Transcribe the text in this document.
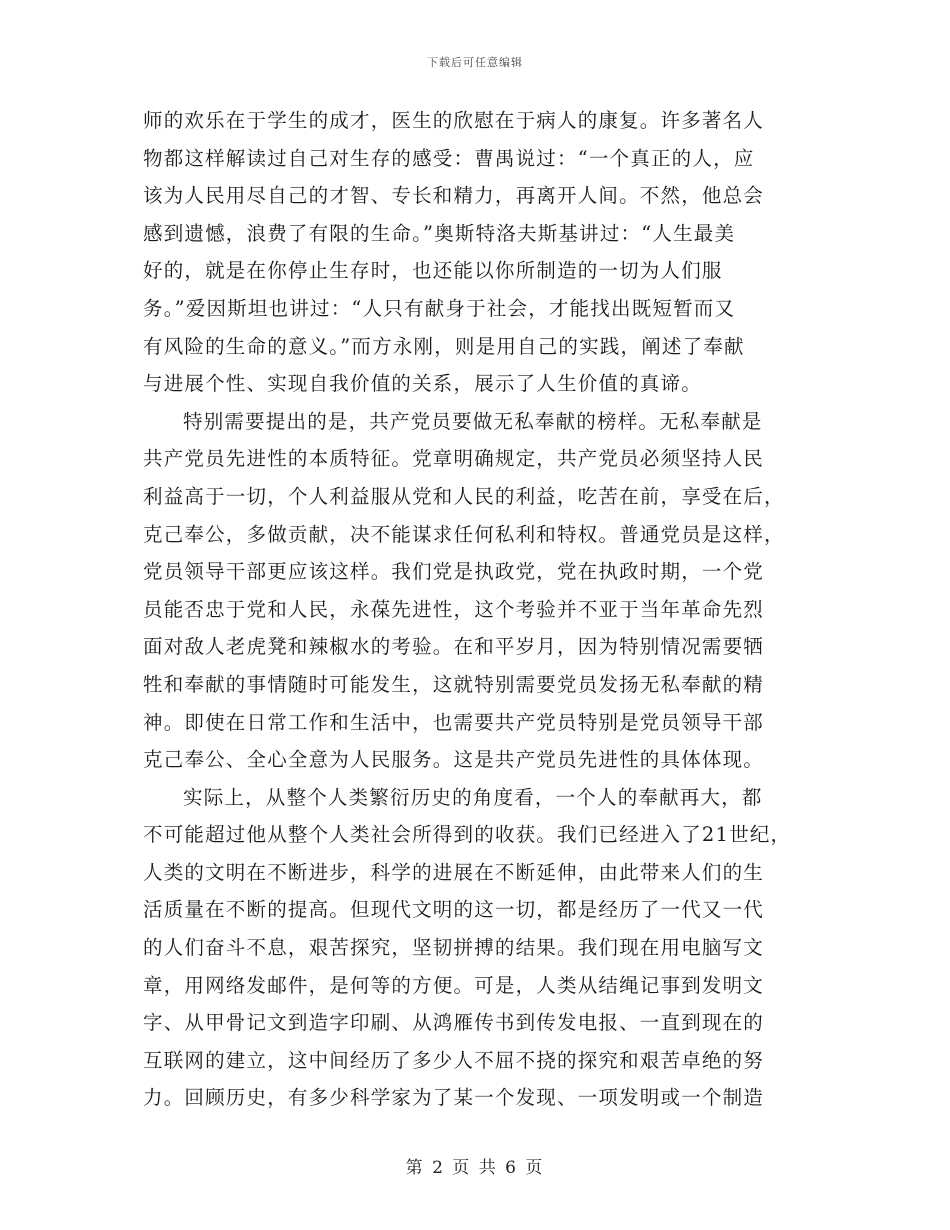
下载后可任意编辑
师的欢乐在于学生的成才，医生的欣慰在于病人的康复。许多著名人
物都这样解读过自己对生存的感受：曹禺说过：“一个真正的人，应
该为人民用尽自己的才智、专长和精力，再离开人间。不然，他总会
感到遗憾，浪费了有限的生命。”奥斯特洛夫斯基讲过：“人生最美
好的，就是在你停止生存时，也还能以你所制造的一切为人们服
务。”爱因斯坦也讲过：“人只有献身于社会，才能找出既短暂而又
有风险的生命的意义。”而方永刚，则是用自己的实践，阐述了奉献
与进展个性、实现自我价值的关系，展示了人生价值的真谛。
特别需要提出的是，共产党员要做无私奉献的榜样。无私奉献是
共产党员先进性的本质特征。党章明确规定，共产党员必须坚持人民
利益高于一切，个人利益服从党和人民的利益，吃苦在前，享受在后，
克己奉公，多做贡献，决不能谋求任何私利和特权。普通党员是这样，
党员领导干部更应该这样。我们党是执政党，党在执政时期，一个党
员能否忠于党和人民，永葆先进性，这个考验并不亚于当年革命先烈
面对敌人老虎凳和辣椒水的考验。在和平岁月，因为特别情况需要牺
牲和奉献的事情随时可能发生，这就特别需要党员发扬无私奉献的精
神。即使在日常工作和生活中，也需要共产党员特别是党员领导干部
克己奉公、全心全意为人民服务。这是共产党员先进性的具体体现。
实际上，从整个人类繁衍历史的角度看，一个人的奉献再大，都
不可能超过他从整个人类社会所得到的收获。我们已经进入了21世纪，
人类的文明在不断进步，科学的进展在不断延伸，由此带来人们的生
活质量在不断的提高。但现代文明的这一切，都是经历了一代又一代
的人们奋斗不息，艰苦探究，坚韧拼搏的结果。我们现在用电脑写文
章，用网络发邮件，是何等的方便。可是，人类从结绳记事到发明文
字、从甲骨记文到造字印刷、从鸿雁传书到传发电报、一直到现在的
互联网的建立，这中间经历了多少人不屈不挠的探究和艰苦卓绝的努
力。回顾历史，有多少科学家为了某一个发现、一项发明或一个制造
第 2 页 共 6 页
